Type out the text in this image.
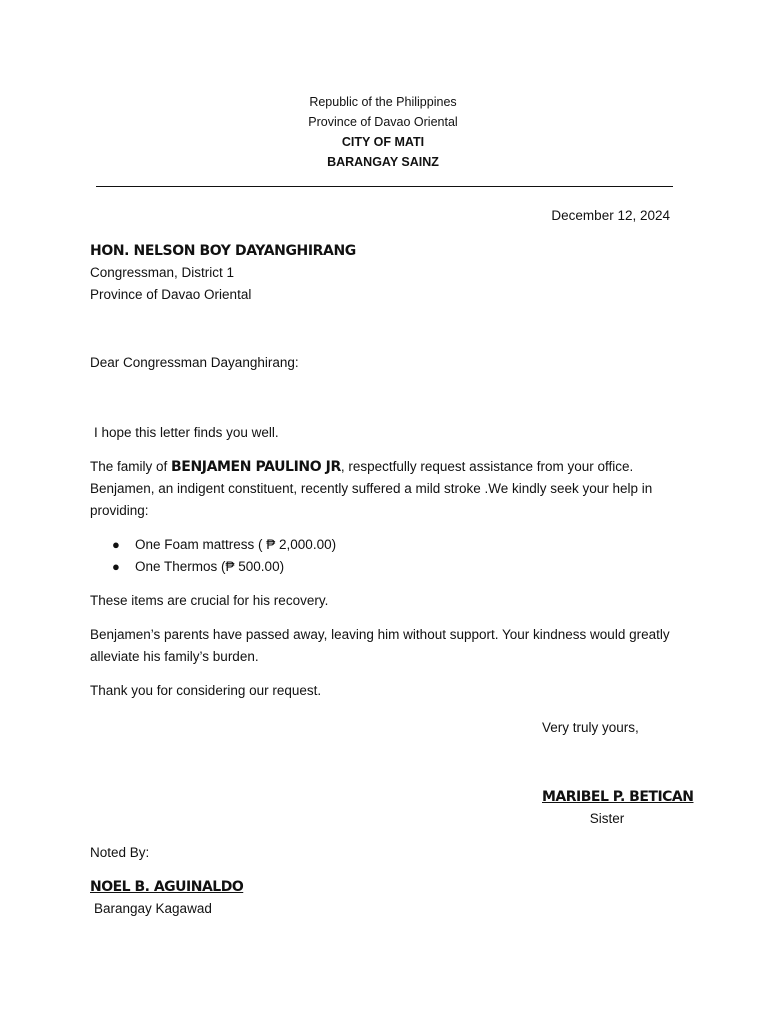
Republic of the Philippines
Province of Davao Oriental
CITY OF MATI
BARANGAY SAINZ
December 12, 2024
HON. NELSON BOY DAYANGHIRANG
Congressman, District 1
Province of Davao Oriental
Dear Congressman Dayanghirang:

I hope this letter finds you well.

The family of BENJAMEN PAULINO JR, respectfully request assistance from your office. Benjamen, an indigent constituent, recently suffered a mild stroke .We kindly seek your help in providing:

● One Foam mattress ( ₱ 2,000.00)
● One Thermos (₱ 500.00)

These items are crucial for his recovery.

Benjamen’s parents have passed away, leaving him without support. Your kindness would greatly alleviate his family’s burden.

Thank you for considering our request.

Very truly yours,
MARIBEL P. BETICAN
Sister
Noted By:
NOEL B. AGUINALDO
Barangay Kagawad
